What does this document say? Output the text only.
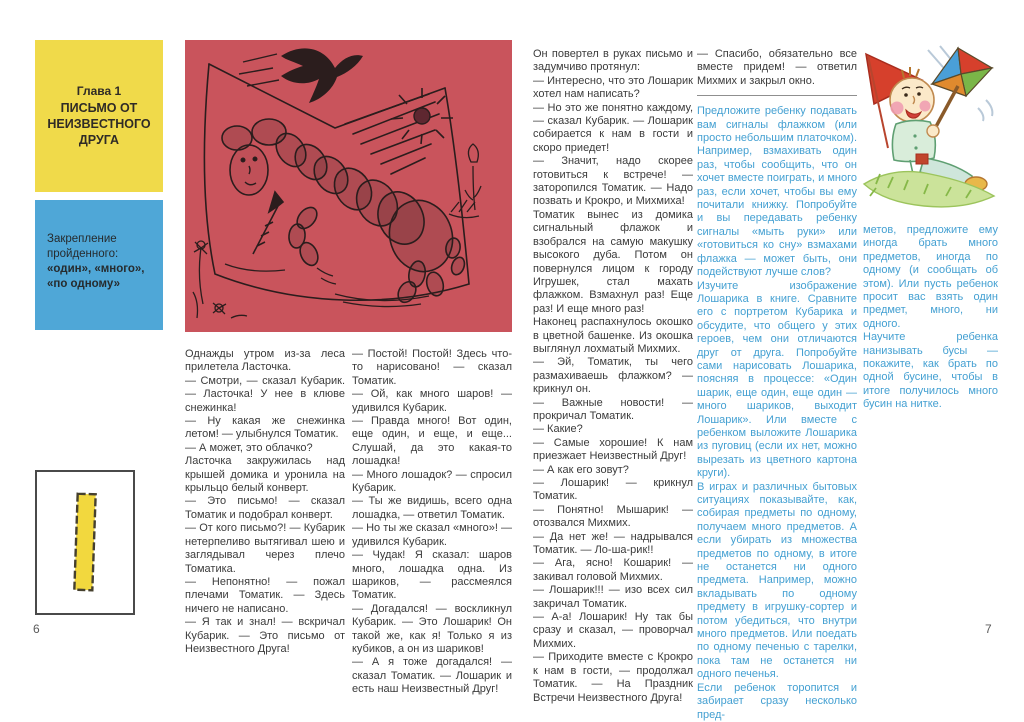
Глава 1
ПИСЬМО ОТ НЕИЗВЕСТНОГО ДРУГА
Закрепление пройденного:
«один», «много», «по одному»

Однажды утром из-за леса прилетела Ласточка.

— Смотри, — сказал Кубарик. — Ласточка! У нее в клюве снежинка!

— Ну какая же снежинка летом! — улыбнулся Томатик.

— А может, это облачко?

Ласточка закружилась над крышей домика и уронила на крыльцо белый конверт.

— Это письмо! — сказал Томатик и подобрал конверт.

— От кого письмо?! — Кубарик нетерпеливо вытягивал шею и заглядывал через плечо Томатика.

— Непонятно! — пожал плечами Томатик. — Здесь ничего не написано.

— Я так и знал! — вскричал Кубарик. — Это письмо от Неизвестного Друга!

— Постой! Постой! Здесь что-то нарисовано! — сказал Томатик.

— Ой, как много шаров! — удивился Кубарик.

— Правда много! Вот один, еще один, и еще, и еще... Слушай, да это какая-то лошадка!

— Много лошадок? — спросил Кубарик.

— Ты же видишь, всего одна лошадка, — ответил Томатик.

— Но ты же сказал «много»! — удивился Кубарик.

— Чудак! Я сказал: шаров много, лошадка одна. Из шариков, — рассмеялся Томатик.

— Догадался! — воскликнул Кубарик. — Это Лошарик! Он такой же, как я! Только я из кубиков, а он из шариков!

— А я тоже догадался! — сказал Томатик. — Лошарик и есть наш Неизвестный Друг!

6

Он повертел в руках письмо и задумчиво протянул:

— Интересно, что это Лошарик хотел нам написать?

— Но это же понятно каждому, — сказал Кубарик. — Лошарик собирается к нам в гости и скоро приедет!

— Значит, надо скорее готовиться к встрече! — заторопился Томатик. — Надо позвать и Крокро, и Михмиха!

Томатик вынес из домика сигнальный флажок и взобрался на самую макушку высокого дуба. Потом он повернулся лицом к городу Игрушек, стал махать флажком. Взмахнул раз! Еще раз! И еще много раз!

Наконец распахнулось окошко в цветной башенке. Из окошка выглянул лохматый Михмих.

— Эй, Томатик, ты чего размахиваешь флажком? — крикнул он.

— Важные новости! — прокричал Томатик.

— Какие?

— Самые хорошие! К нам приезжает Неизвестный Друг!

— А как его зовут?

— Лошарик! — крикнул Томатик.

— Понятно! Мышарик! — отозвался Михмих.

— Да нет же! — надрывался Томатик. — Ло-ша-рик!!

— Ага, ясно! Кошарик! — закивал головой Михмих.

— Лошарик!!! — изо всех сил закричал Томатик.

— А-а! Лошарик! Ну так бы сразу и сказал, — проворчал Михмих.

— Приходите вместе с Крокро к нам в гости, — продолжал Томатик. — На Праздник Встречи Неизвестного Друга!

— Спасибо, обязательно все вместе придем! — ответил Михмих и закрыл окно.

Предложите ребенку подавать вам сигналы флажком (или просто небольшим платочком). Например, взмахивать один раз, чтобы сообщить, что он хочет вместе поиграть, и много раз, если хочет, чтобы вы ему почитали книжку. Попробуйте и вы передавать ребенку сигналы «мыть руки» или «готовиться ко сну» взмахами флажка — может быть, они подействуют лучше слов?

Изучите изображение Лошарика в книге. Сравните его с портретом Кубарика и обсудите, что общего у этих героев, чем они отличаются друг от друга. Попробуйте сами нарисовать Лошарика, поясняя в процессе: «Один шарик, еще один, еще один — много шариков, выходит Лошарик». Или вместе с ребенком выложите Лошарика из пуговиц (если их нет, можно вырезать из цветного картона круги).

В играх и различных бытовых ситуациях показывайте, как, собирая предметы по одному, получаем много предметов. А если убирать из множества предметов по одному, в итоге не останется ни одного предмета. Например, можно вкладывать по одному предмету в игрушку-сортер и потом убедиться, что внутри много предметов. Или поедать по одному печенью с тарелки, пока там не останется ни одного печенья.

Если ребенок торопится и забирает сразу несколько пред-

метов, предложите ему иногда брать много предметов, иногда по одному (и сообщать об этом). Или пусть ребенок просит вас взять один предмет, много, ни одного.

Научите ребенка нанизывать бусы — покажите, как брать по одной бусине, чтобы в итоге получилось много бусин на нитке.

7
